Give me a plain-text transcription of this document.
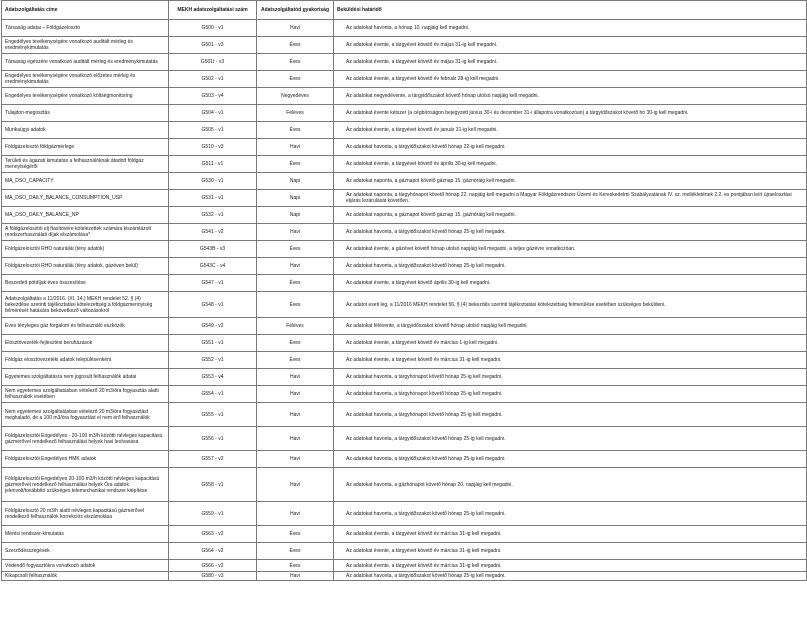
Adatszolgáltatás címe	MEKH adatszolgáltatási szám	Adatszolgáltatód gyakoriság	Beküldési határidő
Társaság adatai – Földgázelosztó	G500 - v1	Havi	Az adatokat havonta, a hónap 10. napjáig kell megadni.
Engedélyes tevékenységére vonatkozó auditált mérleg és eredménykimutatás	G501 - v3	Éves	Az adatokat évente, a tárgyévet követő év május 31-ig kell megadni.
Társaság egészére vonatkozó auditált mérleg és eredménykimutatás	G501t - v3	Éves	Az adatokat évente, a tárgyévet követő év május 31-ig kell megadni.
Engedélyes tevékenységére vonatkozó előzetes mérleg és eredménykimutatás	G502 - v1	Éves	Az adatokat évente, a tárgyévet követő év február 28-ig kell megadni.
Engedélyes tevékenységére vonatkozó költségmonitoring	G503 - v4	Negyedéves	Az adatokat negyedévente, a tárgyidőszakot követő hónap utolsó napjáig kell megadni.
Tulajdon-megosztás	G504 - v1	Féléves	Az adatokat évente kétszer (a cégbíróságon bejegyzett június 30-i és december 31-i állapotra vonatkozóan) a tárgyidőszakot követő hó 30-ig kell megadni.
Munkaügyi adatok	G505 - v1	Éves	Az adatokat évente, a tárgyévet követő év január 31-ig kell megadni.
Földgázelosztó földgázmérlege	G510 - v3	Havi	Az adatokat havonta, a tárgyidőszakot követő hónap 22-ig kell megadni.
Területi és ágazati kimutatás a felhasználóknak átadott földgáz mennyiségéről	G511 - v1	Éves	Az adatokat évente, a tárgyévet követő év április 30-ig kell megadni.
MA_DSO_CAPACITY	G530 - v1	Napi	Az adatokat naponta, a gáznapot követő gáznap 15. gáznóráig kell megadni.
MA_DSO_DAILY_BALANCE_CONSUMPTION_USP	G531 - v1	Napi	Az adatokat naponta, a tárgyhónapot követő hónap 22. napjáig kell megadni a Magyar Földgázrendszer Üzemi és Kereskedelmi Szabályzatának IV. sz. mellékletének 2.2. es pontjában leírt újraelosztási eljárás lezárulását követően.
MA_DSO_DAILY_BALANCE_NP	G532 - v1	Napi	Az adatokat naponta, a gáznapot követő gáznap 15. gáznóráig kell megadni.
A földgázelosztói elj ftasítóvére kötelezettek számára kiszámlázott rendszerhasználati díjak elszámolása*	G541 - v2	Havi	Az adatokat havonta, a tárgyidőszakot követő hónap 25-ig kell megadni.
Földgázelosztói RHD naturáliái (tény adatok)	G543B - v3	Éves	Az adatokat évente, a gázévet követő hónap utolsó napjáig kell megadni, a teljes gázévre vonatkozóan.
Földgázelosztói RHD naturáliái (tény adatok, gázéven belül)	G543C - v4	Havi	Az adatokat havonta, a tárgyidőszakot követő hónap 25-ig kell megadni.
Beszedett pótdíjak éves összesítése	G547 - v1	Éves	Az adatokat évente, a tárgyévet követő április 30-ig kell megadni.
Adatszolgáltatás a 11/2016. (XI. 14.) MEKH rendelet 52. § (4) bekezdése szerinti tájékoztatási kötelezettség a földgázmennyiség felmérését hatására bekövetkező változásokról	G548 - v1	Éves	Az adatot eseti leg, a 11/2016 MEKH rendelet 56. § (4) bekezdés szerinti tájékoztatási kötelezettség felmerülése esetében szükséges beküldeni.
Éves tényleges gáz forgalom és felhasználó eszközök	G549 - v2	Féléves	Az adatokat félévente, a tárgyidőszakot követő hónap utolsó napjáig kell megadni.
Elosztóvezeték-fejlesztési beruházások	G551 - v1	Éves	Az adatokat évente, a tárgyévet követő év március 1-ig kell megadni.
Földgáz elosztóvezetéki adatok településenként	G552 - v1	Éves	Az adatokat évente, a tárgyévet követő év március 31-ig kell megadni.
Egyetemes szolgáltatásra nem jogosult felhasználók adatai	G553 - v4	Havi	Az adatokat havonta, a tárgyhónapot követő hónap 25-ig kell megadni.
Nem egyetemes szolgáltatásban vételező 20 m3/óra fogyasztás alatti felhasználók esetében	G554 - v1	Havi	Az adatokat havonta, a tárgyhónapot követő hónap 25-ig kell megadni.
Nem egyetemes szolgáltatásban vételező 20 m3/óra fogyasztást meghaladó, de a 100 m3/óra fogyasztást el nem érő felhasználók	G555 - v1	Havi	Az adatokat havonta, a tárgyhónapot követő hónap 25-ig kell megadni.
Földgázelosztói Engedélyes - 20-100 m3/h közötti névleges kapacitású gázmérővel rendelkező felhasználási helyek havi leolvasása	G556 - v1	Havi	Az adatokat havonta, a tárgyidőszakot követő hónap 25-ig kell megadni.
Földgázelosztói Engedélyes HMK adatok	G557 - v2	Havi	Az adatokat havonta, a tárgyidőszakot követő hónap 25-ig kell megadni.
Földgázelosztói Engedélyes 20-100 m3/h közötti névleges kapacitású gázmérővel rendelkező felhasználási helyek Óra adatok jelenvolt/továbbító szükséges telemechanikai rendszer kiépítése	G558 - v1	Havi	Az adatokat havonta, a gázhónapot követő hónap 20. napjáig kell megadni.
Földgázelosztó 20 m3/h alatti névleges kapacitású gázmérővel rendelkező felhasználók korrekciós elszámolása	G559 - v1	Havi	Az adatokat havonta, a tárgyidőszakot követő hónap 25-ig kell megadni.
Mérési rendszer-kimutatás	G563 - v2	Éves	Az adatokat évente, a tárgyévet követő év március 31-ig kell megadni.
Szerződésszegések	G564 - v2	Éves	Az adatokat évente, a tárgyévet követő év március 31-ig kell megadni.
Védendő fogyasztókra vonatkozó adatok	G566 - v2	Éves	Az adatokat évente, a tárgyévet követő év március 31-ig kell megadni.
Kikapcsolt felhasználók	G580 - v3	Havi	Az adatokat havonta, a tárgyidőszakot követő hónap 25-ig kell megadni.
